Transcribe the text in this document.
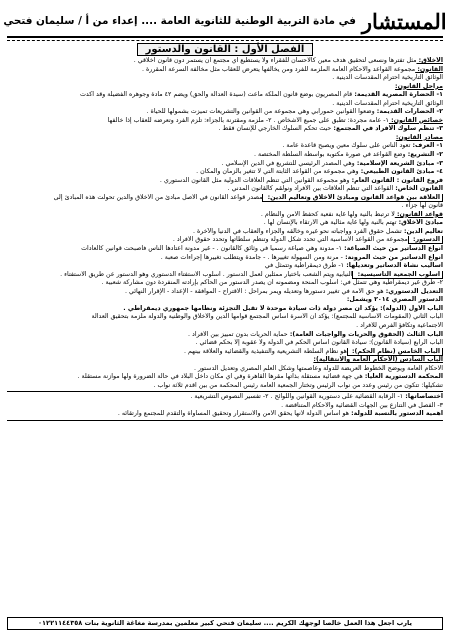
المستشار
في مادة التربية الوطنية للثانوية العامة .... إعداء من أ / سليمان فتحي
الفصل الأول : القانون والدستور
الأخلاق: مثل تفترها ونسعى لتحقيق هدف معين كالاحسان للفقراء ولا يستطيع أي مجتمع ان يستمر دون قانون أخلاقي .
القانون: مجموعة القواعد والأحكام العامة الملزمة للفرد ومن يخالفها يتعرض للعقاب مثل مخالفة السرعة المقررة .
الوثائق التاريخية احترام المقدسات الدينية .
مراحل القانون:
١- الحضارة المصرية القديمة: قام المصريون بوضع قانون الملكة ماعت (سيدة العدالة والحق) ويضم ٤٢ مادة وجوهره الفضيلة وقد أكدت
الوثائق التاريخية احترام المقدسات الدينية .
٢- الحضارات القديمة: وضعوا القوانين حمورابي وهي مجموعة من القوانين والتشريعات تميزت بشمولها للحياة .
خصائص القانون: ١- عامة مجردة: تطبق على جميع الأشخاص . ٢- ملزمة ومقترنة بالجزاء: تلزم الفرد وتعرضه للعقاب إذا خالفها
٣- تنظم سلوك الأفراد في المجتمع: حيث تحكم السلوك الخارجي للإنسان فقط .
مصادر القانون:
١- العرف: تعود الناس على سلوك معين ويصبح قاعدة عامة .
٢- التشريع: وضع القواعد في صورة مكتوبة بواسطة السلطة المختصة .
٣- مبادئ الشريعة الإسلامية: وهي المصدر الرئيسي للتشريع في الدين الإسلامي .
٤- مبادئ القانون الطبيعي: وهي مجموعة من القواعد الثابتة التي لا تتغير بالزمان والمكان .
فروع القانون : القانون العام: وهو مجموعة القوانين التي تنظم العلاقات الدولية مثل القانون الدستوري .
القانون الخاص: القواعد التي تنظم العلاقات بين الأفراد ونولقم كالقانون المدني .
العلاقة بين قواعد القانون ومبادئ الأخلاق وتعاليم الدين: مصدر قواعد القانون في الأصل مبادئ من الأخلاق والدين تحولت هذه المبادئ إلى
قانون لها جزاء .
قواعد القانون: لا ترتبط بالنية ولها غاية نفعية كحفظ الأمن والنظام .
مبادئ الأخلاق: تهتم بالنية ولها غاية مثالية هي الارتقاء بالإنسان لها .
تعاليم الدين: تشمل حقوق الفرد وواجباته نحو غيره وخالقه والجزاء والعقاب في الدنيا والآخرة .
الدستور: مجموعة من القواعد الأساسية التي تحدد شكل الدولة وتنظم سلطاتها وتحدد حقوق الأفراد .
أنواع الدساتير من حيث الصياغة: ١- مدونة وهي صياغة رسمياً في وثائق كالقانون . - غير مدونة اعتادها الناس فأصبحت قوانين كالعادات
أنواع الدساتير من حيث المرونة: - مرنة ومن السهولة تغييرها . - جامدة ويتطلب تغييرها إجراءات صعبة .
أساليب نشأة الدساتير وتعديلها: ١- طرق ديمقراطية وتتمثل في
أسلوب الجمعية التأسيسية: النيابية ويتم الشعب باختيار ممثلين لعمل الدستور . أسلوب الاستفتاء الدستوري وهو الدستور عن طريق الاستفتاء .
٢- طرق غير ديمقراطية وهي تتمثل في: أسلوب المنحة ومضمونه أن يصدر الدستور من الحاكم بإرادته المنفردة دون مشاركة شعبية .
التعديل الدستوري: هو حق الأمة في تغيير دستورها وتعديله ويمر بمراحل : الاقتراح - الموافقة - الإعداد - الإقرار النهائي .
الدستور المصري ٢٠١٤ ويشمل:
الباب الأول (الدولة): يؤكد أن مصر دولة ذات سيادة موحدة لا تقبل التجزئة ونظامها جمهوري ديمقراطي .
الباب الثاني (المقومات الأساسية للمجتمع): يؤكد أن الأسرة أساس المجتمع قوامها الدين والأخلاق والوطنية والدولة ملزمة بتحقيق العدالة
الاجتماعية وتكافؤ الفرص للأفراد .
الباب الثالث (الحقوق والحريات والواجبات العامة): حماية الحريات بدون تمييز بين الأفراد .
الباب الرابع (سيادة القانون): سيادة القانون أساس الحكم في الدولة ولا عقوبة إلا بحكم قضائي .
الباب الخامس (نظام الحكم): هو نظام السلطة التشريعية والتنفيذية والقضائية والعلاقة بينهم .
الباب السادس (الأحكام العامة والانتقالية):
الأحكام العامة ويوضح الخطوط العريضة للدولة وعاصمتها وشكل العلم المصري وتعديل الدستور .
المحكمة الدستورية العليا: هي جهة قضائية مستقلة بذاتها مقرها القاهرة وفي أي مكان داخل البلاد في حالة الضرورة ولها موازنة مستقلة .
تشكيلها: تتكون من رئيس وعدد من نواب الرئيس وتختار الجمعية العامة رئيس المحكمة من بين أقدم ثلاثة نواب .
اختصاصاتها: ١- الرقابة القضائية على دستورية القوانين واللوائح . ٢- تفسير النصوص التشريعية .
٣- الفصل في التنازع بين الجهات القضائية والأحكام المتناقضة .
أهمية الدستور بالنسبة للدولة: هو أساس الدولة لأنها يحقق الأمن والاستقرار وتحقيق المساواة والتقدم للمجتمع وارتقائه .
يارب اجعل هذا العمل خالصا لوجهك الكريم .... سليمان فتحي كبير معلمين بمدرسة مغاغة الثانوية بنات ٠١٢٢١١٤٤٣٥٨
